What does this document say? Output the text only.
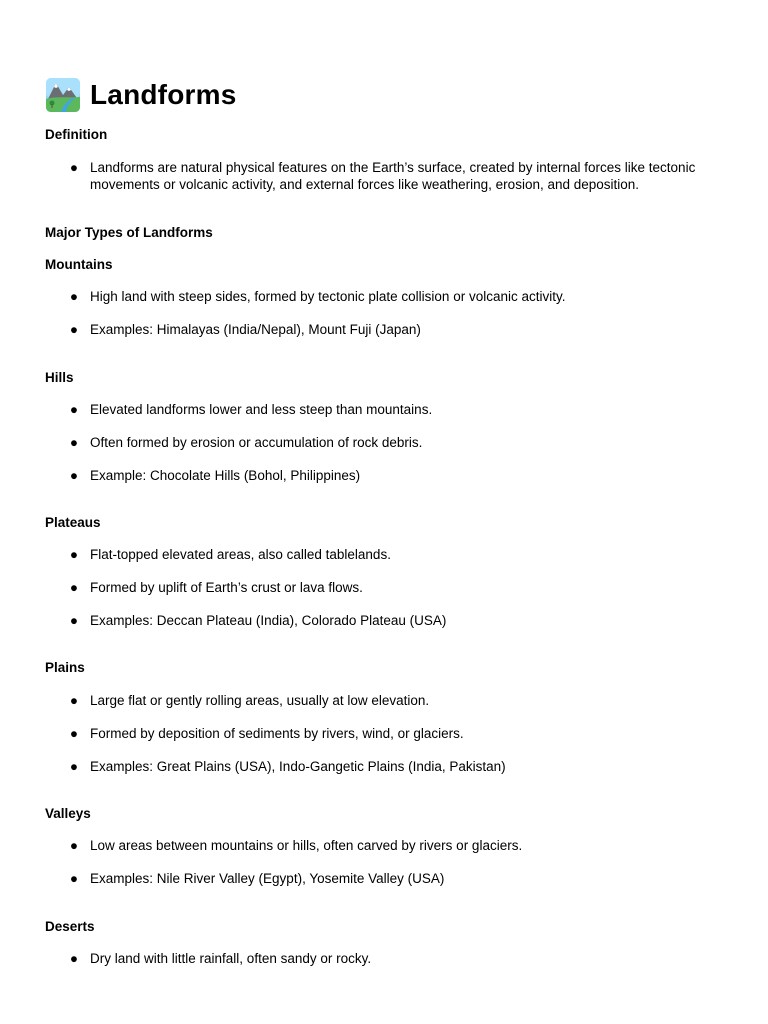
Landforms
Definition
● Landforms are natural physical features on the Earth’s surface, created by internal forces like tectonic movements or volcanic activity, and external forces like weathering, erosion, and deposition.
Major Types of Landforms
Mountains
● High land with steep sides, formed by tectonic plate collision or volcanic activity.
● Examples: Himalayas (India/Nepal), Mount Fuji (Japan)
Hills
● Elevated landforms lower and less steep than mountains.
● Often formed by erosion or accumulation of rock debris.
● Example: Chocolate Hills (Bohol, Philippines)
Plateaus
● Flat-topped elevated areas, also called tablelands.
● Formed by uplift of Earth’s crust or lava flows.
● Examples: Deccan Plateau (India), Colorado Plateau (USA)
Plains
● Large flat or gently rolling areas, usually at low elevation.
● Formed by deposition of sediments by rivers, wind, or glaciers.
● Examples: Great Plains (USA), Indo-Gangetic Plains (India, Pakistan)
Valleys
● Low areas between mountains or hills, often carved by rivers or glaciers.
● Examples: Nile River Valley (Egypt), Yosemite Valley (USA)
Deserts
● Dry land with little rainfall, often sandy or rocky.
